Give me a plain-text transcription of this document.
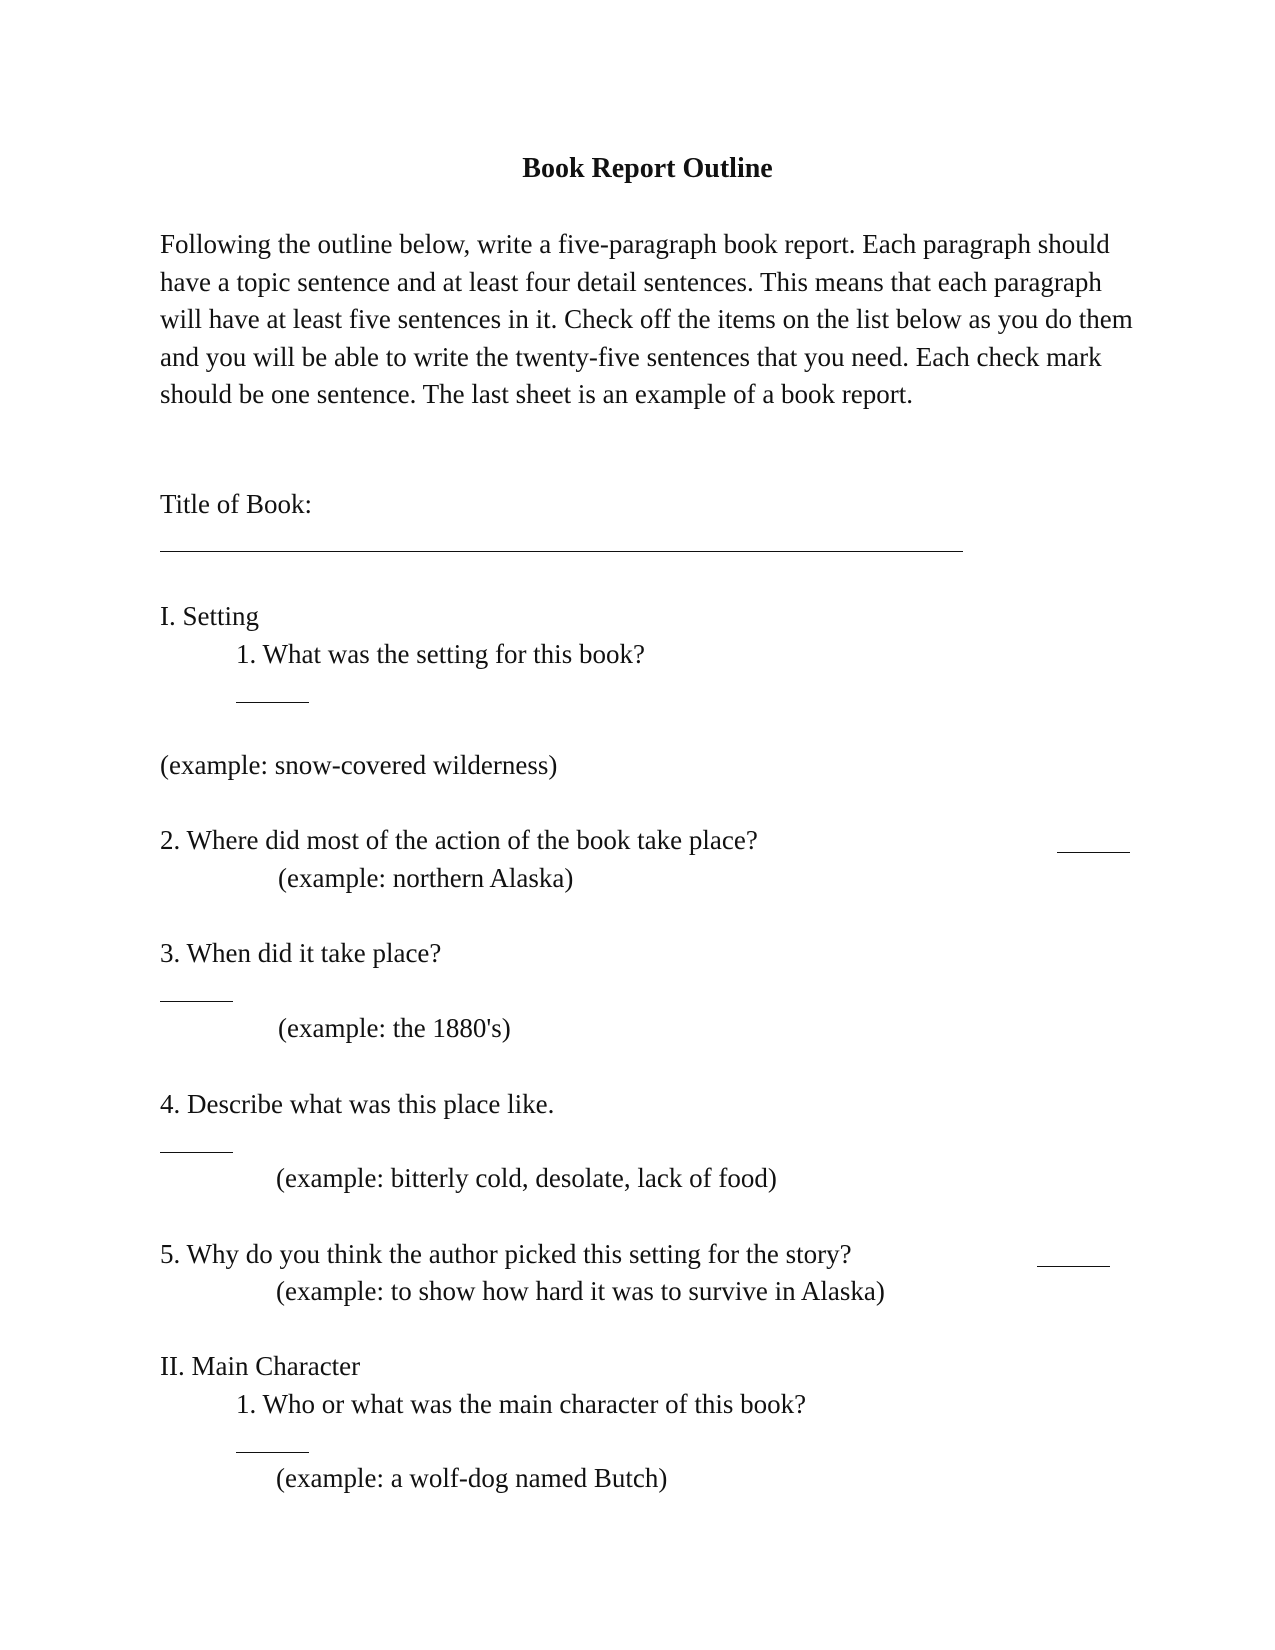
Book Report Outline

Following the outline below, write a five-paragraph book report. Each paragraph should have a topic sentence and at least four detail sentences. This means that each paragraph will have at least five sentences in it. Check off the items on the list below as you do them and you will be able to write the twenty-five sentences that you need. Each check mark should be one sentence. The last sheet is an example of a book report.

Title of Book:
I. Setting
1. What was the setting for this book?
(example: snow-covered wilderness)
2. Where did most of the action of the book take place?
(example: northern Alaska)
3. When did it take place?
(example: the 1880's)
4. Describe what was this place like.
(example: bitterly cold, desolate, lack of food)
5. Why do you think the author picked this setting for the story?
(example: to show how hard it was to survive in Alaska)
II. Main Character
1. Who or what was the main character of this book?
(example: a wolf-dog named Butch)
